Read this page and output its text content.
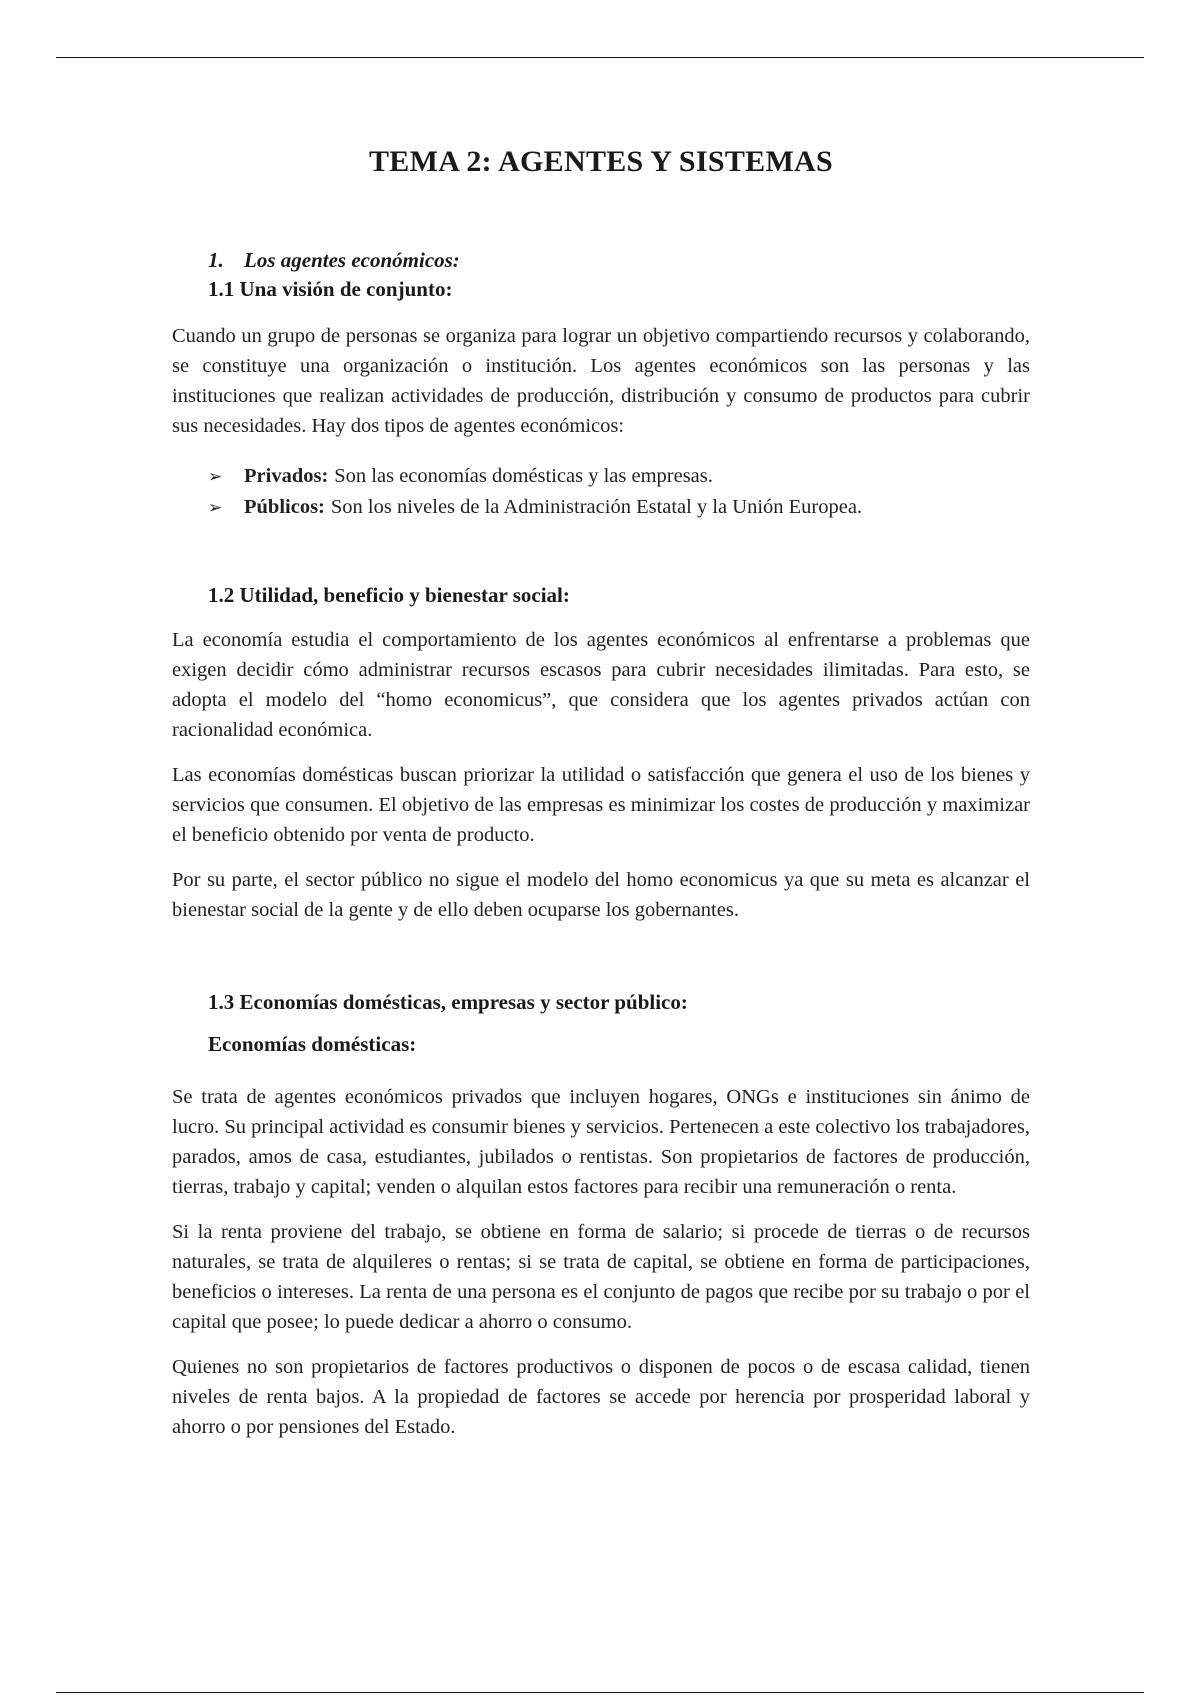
TEMA 2: AGENTES Y SISTEMAS

1. Los agentes económicos:

1.1 Una visión de conjunto:

Cuando un grupo de personas se organiza para lograr un objetivo compartiendo recursos y colaborando, se constituye una organización o institución. Los agentes económicos son las personas y las instituciones que realizan actividades de producción, distribución y consumo de productos para cubrir sus necesidades. Hay dos tipos de agentes económicos:

➢	Privados: Son las economías domésticas y las empresas.
➢	Públicos: Son los niveles de la Administración Estatal y la Unión Europea.

1.2 Utilidad, beneficio y bienestar social:

La economía estudia el comportamiento de los agentes económicos al enfrentarse a problemas que exigen decidir cómo administrar recursos escasos para cubrir necesidades ilimitadas. Para esto, se adopta el modelo del “homo economicus”, que considera que los agentes privados actúan con racionalidad económica.

Las economías domésticas buscan priorizar la utilidad o satisfacción que genera el uso de los bienes y servicios que consumen. El objetivo de las empresas es minimizar los costes de producción y maximizar el beneficio obtenido por venta de producto.

Por su parte, el sector público no sigue el modelo del homo economicus ya que su meta es alcanzar el bienestar social de la gente y de ello deben ocuparse los gobernantes.

1.3 Economías domésticas, empresas y sector público:

Economías domésticas:

Se trata de agentes económicos privados que incluyen hogares, ONGs e instituciones sin ánimo de lucro. Su principal actividad es consumir bienes y servicios. Pertenecen a este colectivo los trabajadores, parados, amos de casa, estudiantes, jubilados o rentistas. Son propietarios de factores de producción, tierras, trabajo y capital; venden o alquilan estos factores para recibir una remuneración o renta.

Si la renta proviene del trabajo, se obtiene en forma de salario; si procede de tierras o de recursos naturales, se trata de alquileres o rentas; si se trata de capital, se obtiene en forma de participaciones, beneficios o intereses. La renta de una persona es el conjunto de pagos que recibe por su trabajo o por el capital que posee; lo puede dedicar a ahorro o consumo.

Quienes no son propietarios de factores productivos o disponen de pocos o de escasa calidad, tienen niveles de renta bajos. A la propiedad de factores se accede por herencia por prosperidad laboral y ahorro o por pensiones del Estado.
